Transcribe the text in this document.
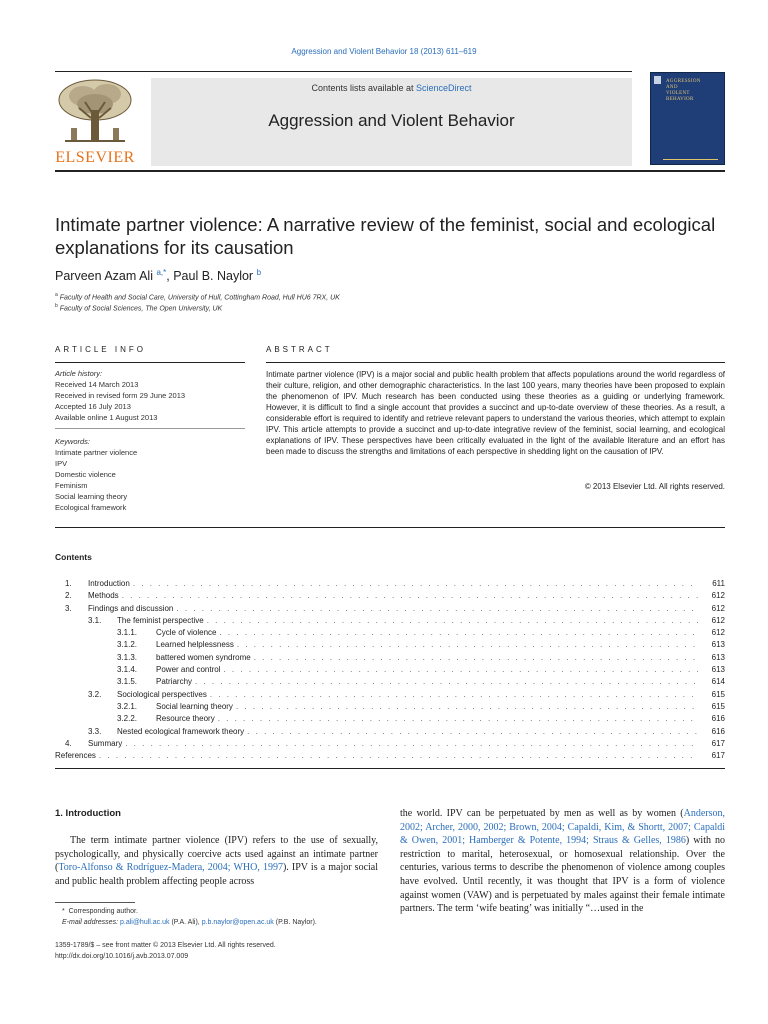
Aggression and Violent Behavior 18 (2013) 611–619
ELSEVIER
Contents lists available at ScienceDirect
Aggression and Violent Behavior
AGGRESSION
AND
VIOLENT
BEHAVIOR
Intimate partner violence: A narrative review of the feminist, social and ecological explanations for its causation
Parveen Azam Ali $^{a,*}$, Paul B. Naylor $^b$
$^a$ Faculty of Health and Social Care, University of Hull, Cottingham Road, Hull HU6 7RX, UK
$^b$ Faculty of Social Sciences, The Open University, UK
ARTICLE INFO	ABSTRACT
Article history:
Received 14 March 2013
Received in revised form 29 June 2013
Accepted 16 July 2013
Available online 1 August 2013
Keywords:
Intimate partner violence
IPV
Domestic violence
Feminism
Social learning theory
Ecological framework
Intimate partner violence (IPV) is a major social and public health problem that affects populations around the world regardless of their culture, religion, and other demographic characteristics. In the last 100 years, many theories have been proposed to explain the phenomenon of IPV. Much research has been conducted using these theories as a guiding or underlying framework. However, it is difficult to find a single account that provides a succinct and up-to-date overview of these theories. As a result, a considerable effort is required to identify and retrieve relevant papers to understand the various theories, which attempt to explain IPV. This article attempts to provide a succinct and up-to-date integrative review of the feminist, social learning, and ecological explanations of IPV. These perspectives have been critically evaluated in the light of the available literature and an effort has been made to discuss the strengths and limitations of each perspective in shedding light on the causation of IPV.
© 2013 Elsevier Ltd. All rights reserved.
Contents
1.	Introduction . . .	611
2.	Methods . . .	612
3.	Findings and discussion . . .	612
3.1.	The feminist perspective . . .	612
3.1.1.	Cycle of violence . . .	612
3.1.2.	Learned helplessness . . .	613
3.1.3.	battered women syndrome . . .	613
3.1.4.	Power and control . . .	613
3.1.5.	Patriarchy . . .	614
3.2.	Sociological perspectives . . .	615
3.2.1.	Social learning theory . . .	615
3.2.2.	Resource theory . . .	616
3.3.	Nested ecological framework theory . . .	616
4.	Summary . . .	617
References . . .	617
1. Introduction

The term intimate partner violence (IPV) refers to the use of sexually, psychologically, and physically coercive acts used against an intimate partner (Toro-Alfonso & Rodríguez-Madera, 2004; WHO, 1997). IPV is a major social and public health problem affecting people across

the world. IPV can be perpetuated by men as well as by women (Anderson, 2002; Archer, 2000, 2002; Brown, 2004; Capaldi, Kim, & Shortt, 2007; Capaldi & Owen, 2001; Hamberger & Potente, 1994; Straus & Gelles, 1986) with no restriction to marital, heterosexual, or homosexual relationship. Over the centuries, various terms to describe the phenomenon of violence among couples have evolved. Until recently, it was thought that IPV is a form of violence against women (VAW) and is perpetuated by males against their female intimate partners. The term ‘wife beating’ was initially “…used in the
* Corresponding author.
E-mail addresses: p.ali@hull.ac.uk (P.A. Ali), p.b.naylor@open.ac.uk (P.B. Naylor).
1359-1789/$ – see front matter © 2013 Elsevier Ltd. All rights reserved.
http://dx.doi.org/10.1016/j.avb.2013.07.009
